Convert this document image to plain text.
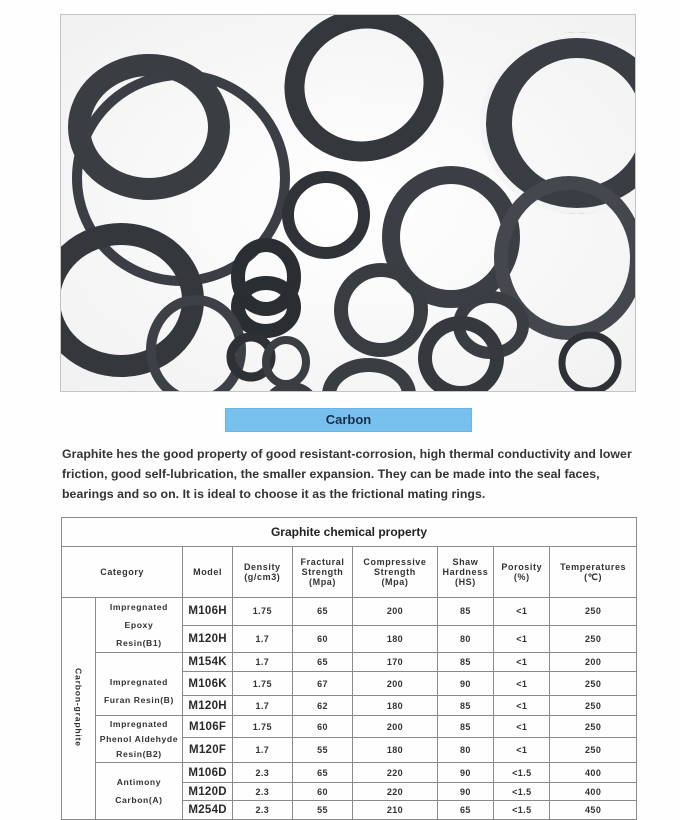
Carbon

Graphite hes the good property of good resistant-corrosion, high thermal conductivity and lower friction, good self-lubrication, the smaller expansion. They can be made into the seal faces, bearings and so on. It is ideal to choose it as the frictional mating rings.

Graphite chemical property								
Category		Model	Density (g/cm3)	Fractural Strength (Mpa)	Compressive Strength (Mpa)	Shaw Hardness (HS)	Porosity (%)	Temperatures (℃)
Carbon-graphite	Impregnated Epoxy Resin(B1)	M106H	1.75	65	200	85	<1	250
		M120H	1.7	60	180	80	<1	250
	Impregnated Furan Resin(B)	M154K	1.7	65	170	85	<1	200
		M106K	1.75	67	200	90	<1	250
		M120H	1.7	62	180	85	<1	250
	Impregnated Phenol Aldehyde Resin(B2)	M106F	1.75	60	200	85	<1	250
		M120F	1.7	55	180	80	<1	250
	Antimony Carbon(A)	M106D	2.3	65	220	90	<1.5	400
		M120D	2.3	60	220	90	<1.5	400
		M254D	2.3	55	210	65	<1.5	450
